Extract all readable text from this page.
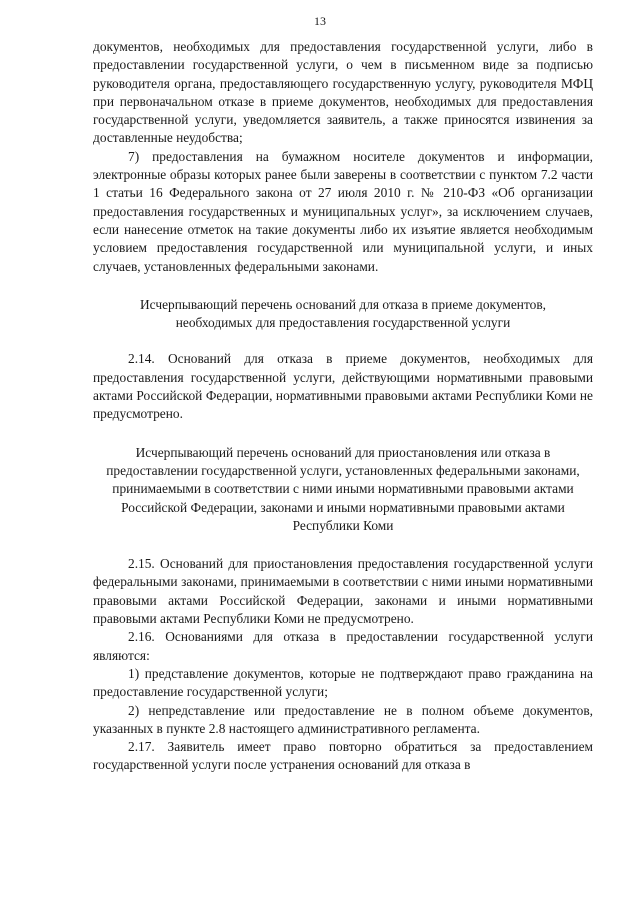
13

документов, необходимых для предоставления государственной услуги, либо в предоставлении государственной услуги, о чем в письменном виде за подписью руководителя органа, предоставляющего государственную услугу, руководителя МФЦ при первоначальном отказе в приеме документов, необходимых для предоставления государственной услуги, уведомляется заявитель, а также приносятся извинения за доставленные неудобства;

7) предоставления на бумажном носителе документов и информации, электронные образы которых ранее были заверены в соответствии с пунктом 7.2 части 1 статьи 16 Федерального закона от 27 июля 2010 г. № 210-ФЗ «Об организации предоставления государственных и муниципальных услуг», за исключением случаев, если нанесение отметок на такие документы либо их изъятие является необходимым условием предоставления государственной или муниципальной услуги, и иных случаев, установленных федеральными законами.

Исчерпывающий перечень оснований для отказа в приеме документов, необходимых для предоставления государственной услуги

2.14. Оснований для отказа в приеме документов, необходимых для предоставления государственной услуги, действующими нормативными правовыми актами Российской Федерации, нормативными правовыми актами Республики Коми не предусмотрено.

Исчерпывающий перечень оснований для приостановления или отказа в предоставлении государственной услуги, установленных федеральными законами, принимаемыми в соответствии с ними иными нормативными правовыми актами Российской Федерации, законами и иными нормативными правовыми актами Республики Коми

2.15. Оснований для приостановления предоставления государственной услуги федеральными законами, принимаемыми в соответствии с ними иными нормативными правовыми актами Российской Федерации, законами и иными нормативными правовыми актами Республики Коми не предусмотрено.

2.16. Основаниями для отказа в предоставлении государственной услуги являются:

1) представление документов, которые не подтверждают право гражданина на предоставление государственной услуги;

2) непредставление или предоставление не в полном объеме документов, указанных в пункте 2.8 настоящего административного регламента.

2.17. Заявитель имеет право повторно обратиться за предоставлением государственной услуги после устранения оснований для отказа в
